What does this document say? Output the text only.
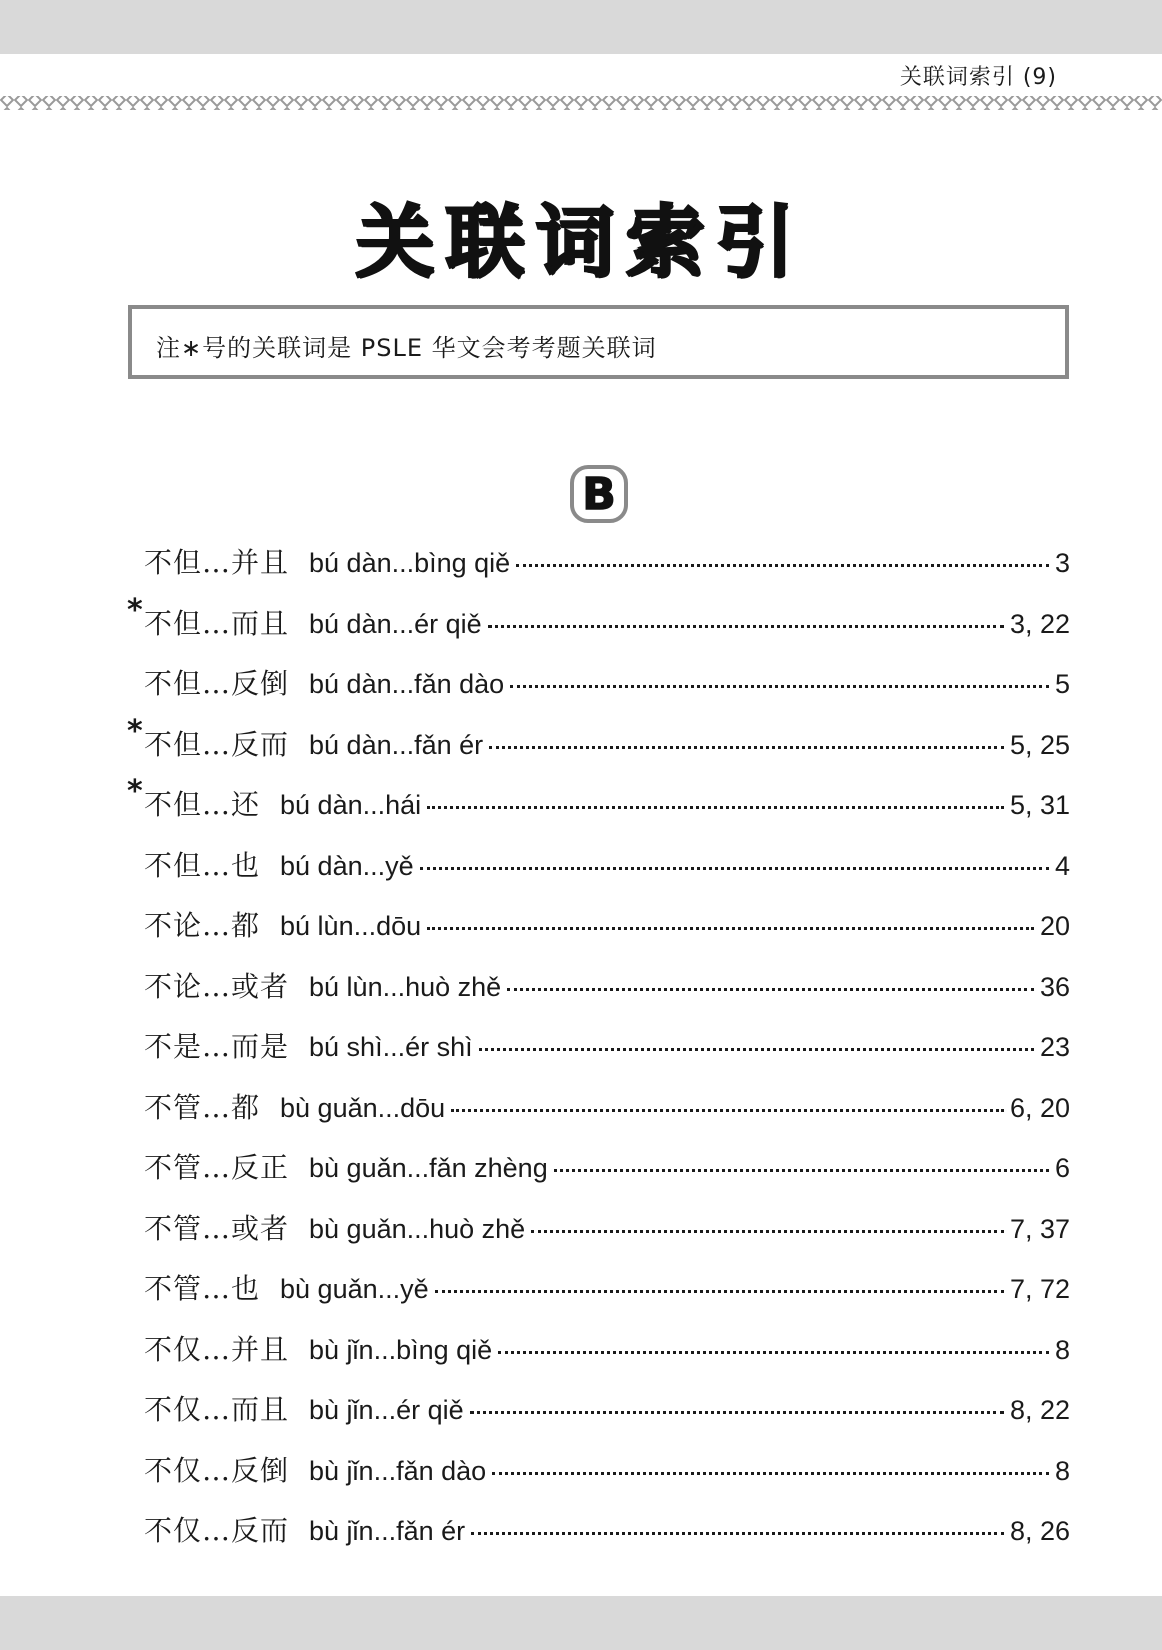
关联词索引 (9)
关联词索引
注∗号的关联词是 PSLE 华文会考考题关联词
B
不但…并且 bú dàn...bìng qiě	3
* 不但…而且 bú dàn...ér qiě	3, 22
不但…反倒 bú dàn...fǎn dào	5
* 不但…反而 bú dàn...fǎn ér	5, 25
* 不但…还 bú dàn...hái	5, 31
不但…也 bú dàn...yě	4
不论…都 bú lùn...dōu	20
不论…或者 bú lùn...huò zhě	36
不是…而是 bú shì...ér shì	23
不管…都 bù guǎn...dōu	6, 20
不管…反正 bù guǎn...fǎn zhèng	6
不管…或者 bù guǎn...huò zhě	7, 37
不管…也 bù guǎn...yě	7, 72
不仅…并且 bù jǐn...bìng qiě	8
不仅…而且 bù jǐn...ér qiě	8, 22
不仅…反倒 bù jǐn...fǎn dào	8
不仅…反而 bù jǐn...fǎn ér	8, 26
